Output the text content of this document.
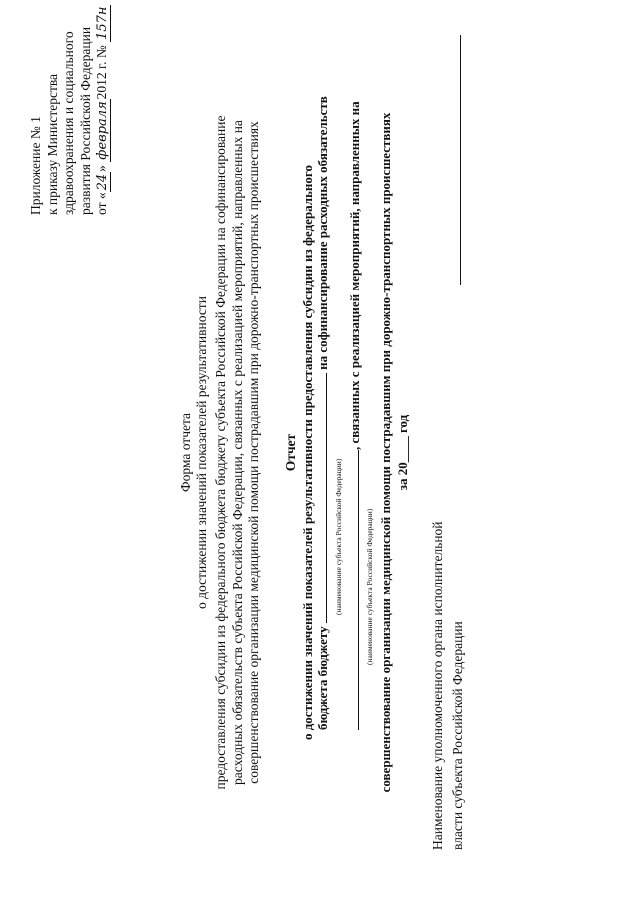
Приложение № 1 к приказу Министерства здравоохранения и социального развития Российской Федерации от «24» февраля2012 г. № 157н
Форма отчета о достижении значений показателей результативности предоставления субсидии из федерального бюджета бюджету субъекта Российской Федерации на софинансирование расходных обязательств субъекта Российской Федерации, связанных с реализацией мероприятий, направленных на совершенствование организации медицинской помощи пострадавшим при дорожно-транспортных происшествиях Отчет о достижении значений показателей результативности предоставления субсидии из федерального бюджета бюджету  на софинансирование расходных обязательств
(наименование субъекта Российской Федерации)
, связанных с реализацией мероприятий, направленных на
(наименование субъекта Российской Федерации) совершенствование организации медицинской помощи пострадавшим при дорожно-транспортных происшествиях за 20____ год
Наименование уполномоченного органа исполнительной власти субъекта Российской Федерации
